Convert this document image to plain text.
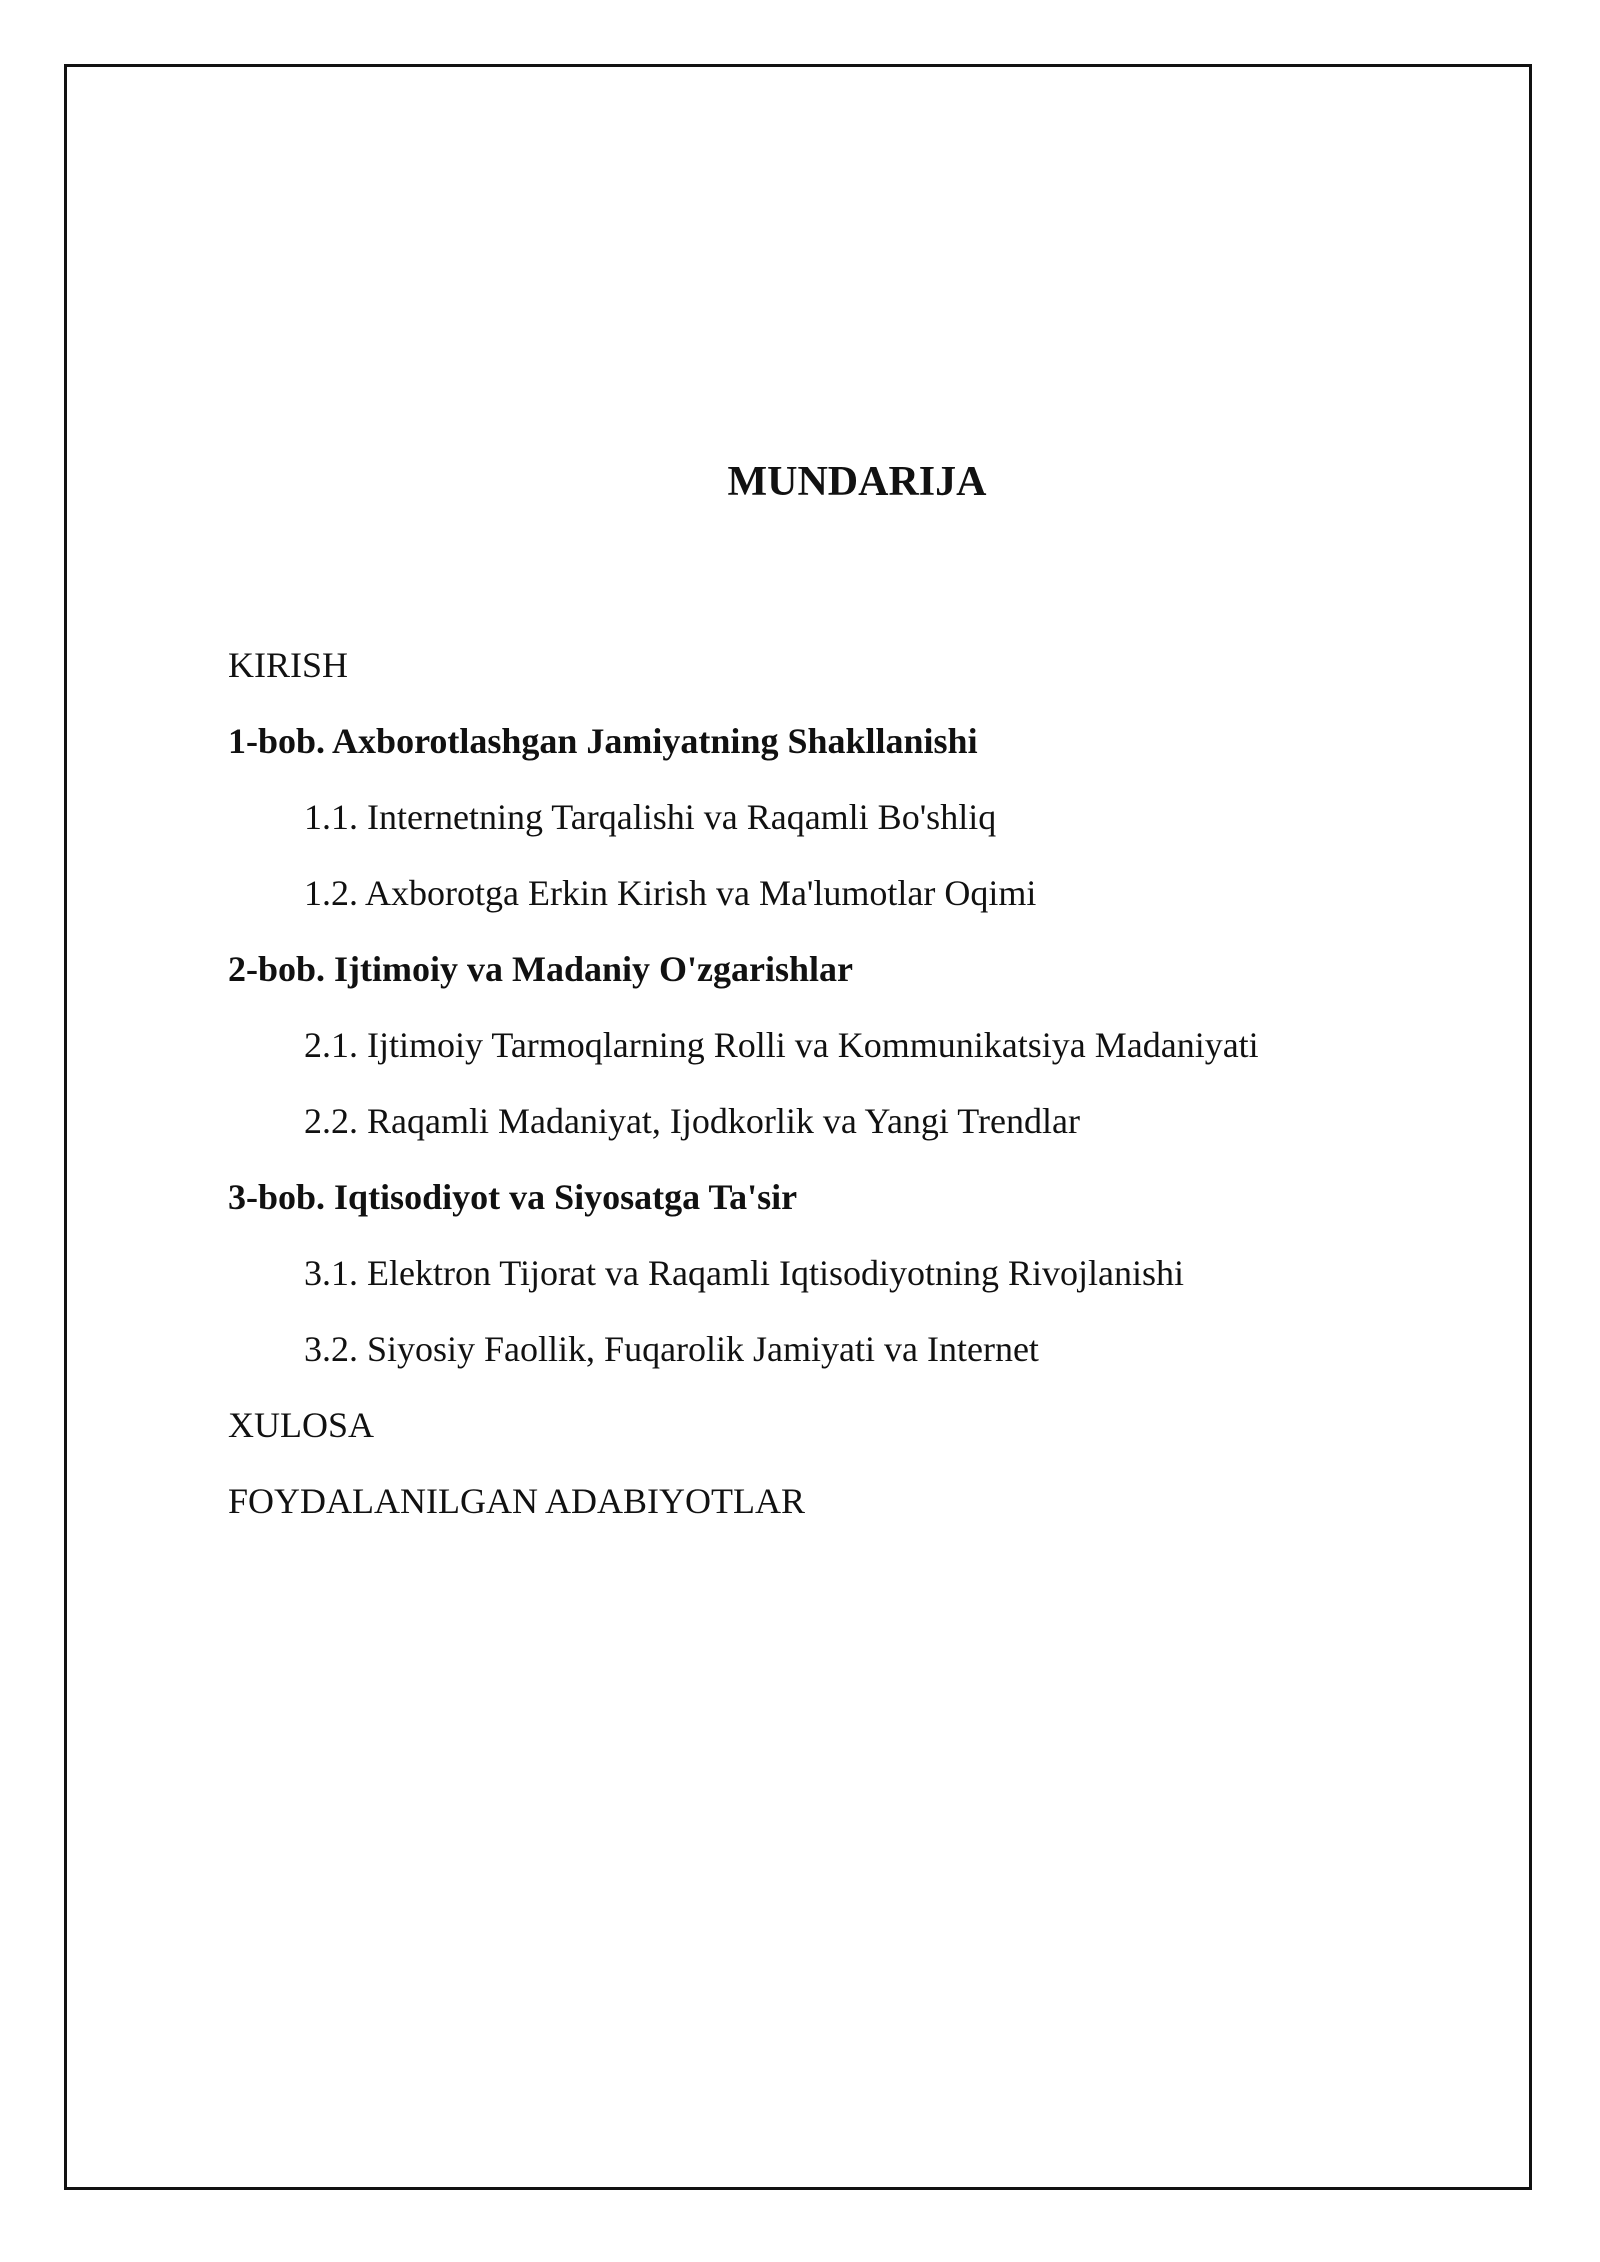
MUNDARIJA
KIRISH
1-bob. Axborotlashgan Jamiyatning Shakllanishi
1.1. Internetning Tarqalishi va Raqamli Bo'shliq
1.2. Axborotga Erkin Kirish va Ma'lumotlar Oqimi
2-bob. Ijtimoiy va Madaniy O'zgarishlar
2.1. Ijtimoiy Tarmoqlarning Rolli va Kommunikatsiya Madaniyati
2.2. Raqamli Madaniyat, Ijodkorlik va Yangi Trendlar
3-bob. Iqtisodiyot va Siyosatga Ta'sir
3.1. Elektron Tijorat va Raqamli Iqtisodiyotning Rivojlanishi
3.2. Siyosiy Faollik, Fuqarolik Jamiyati va Internet
XULOSA
FOYDALANILGAN ADABIYOTLAR
